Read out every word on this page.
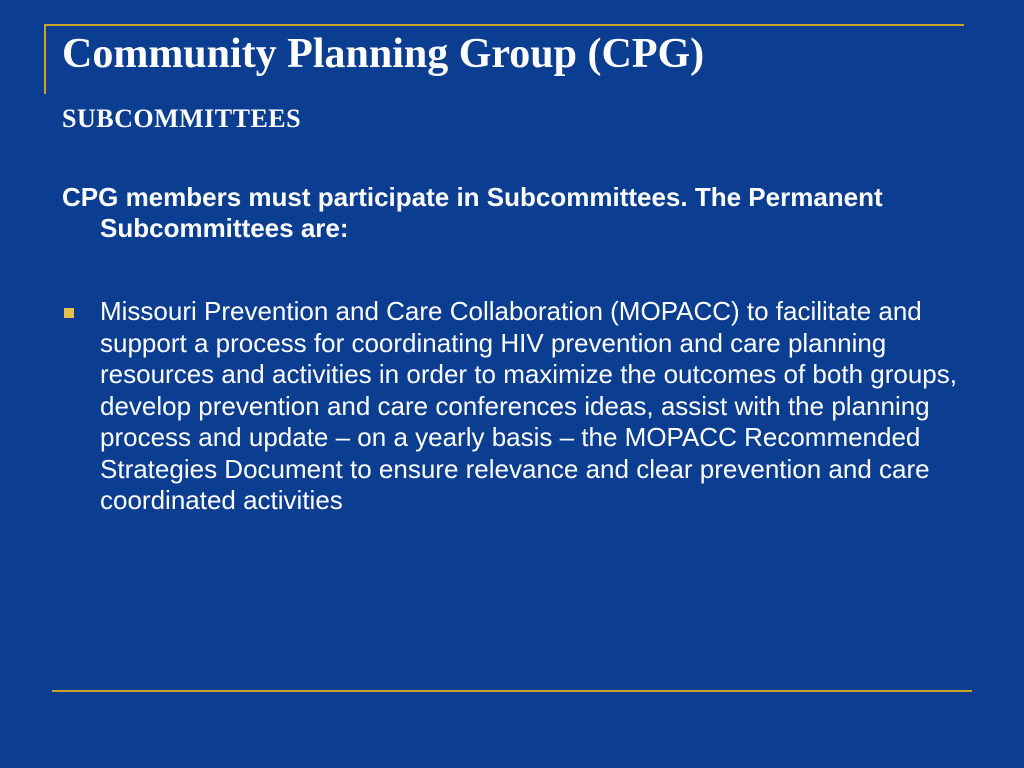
Community Planning Group (CPG)
SUBCOMMITTEES

CPG members must participate in Subcommittees. The Permanent Subcommittees are:

Missouri Prevention and Care Collaboration (MOPACC) to facilitate and support a process for coordinating HIV prevention and care planning resources and activities in order to maximize the outcomes of both groups, develop prevention and care conferences ideas, assist with the planning process and update – on a yearly basis – the MOPACC Recommended Strategies Document to ensure relevance and clear prevention and care coordinated activities
